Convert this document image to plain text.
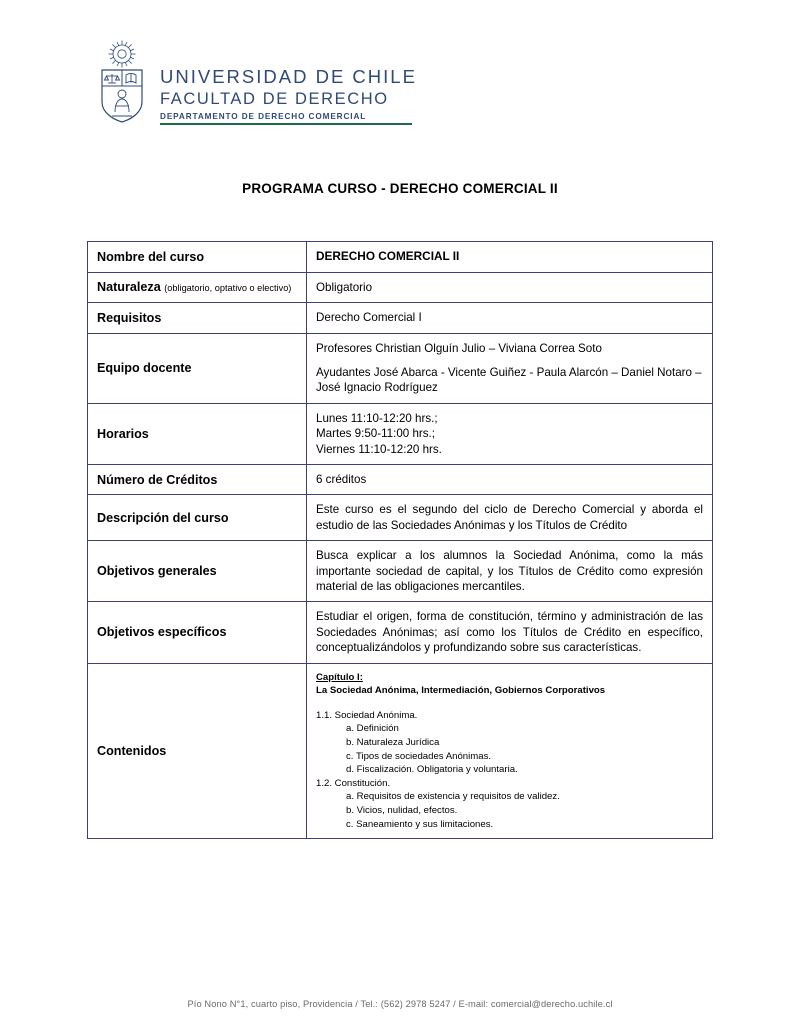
UNIVERSIDAD DE CHILE
FACULTAD DE DERECHO
DEPARTAMENTO DE DERECHO COMERCIAL
PROGRAMA CURSO - DERECHO COMERCIAL II
Nombre del curso	DERECHO COMERCIAL II

Naturaleza (obligatorio, optativo o electivo)	Obligatorio

Requisitos	Derecho Comercial I

Equipo docente	Profesores Christian Olguín Julio – Viviana Correa Soto

Ayudantes José Abarca - Vicente Guiñez - Paula Alarcón – Daniel Notaro – José Ignacio Rodríguez

Horarios	Lunes 11:10-12:20 hrs.;
Martes 9:50-11:00 hrs.;
Viernes 11:10-12:20 hrs.

Número de Créditos	6 créditos

Descripción del curso	Este curso es el segundo del ciclo de Derecho Comercial y aborda el estudio de las Sociedades Anónimas y los Títulos de Crédito

Objetivos generales	Busca explicar a los alumnos la Sociedad Anónima, como la más importante sociedad de capital, y los Títulos de Crédito como expresión material de las obligaciones mercantiles.

Objetivos específicos	Estudiar el origen, forma de constitución, término y administración de las Sociedades Anónimas; así como los Títulos de Crédito en específico, conceptualizándolos y profundizando sobre sus características.

Contenidos	
Capítulo I:
La Sociedad Anónima, Intermediación, Gobiernos Corporativos
1.1. Sociedad Anónima.
a. Definición
b. Naturaleza Jurídica
c. Tipos de sociedades Anónimas.
d. Fiscalización. Obligatoria y voluntaria.
1.2. Constitución.
a. Requisitos de existencia y requisitos de validez.
b. Vicios, nulidad, efectos.
c. Saneamiento y sus limitaciones.
Pío Nono N°1, cuarto piso, Providencia / Tel.: (562) 2978 5247 / E-mail: comercial@derecho.uchile.cl
